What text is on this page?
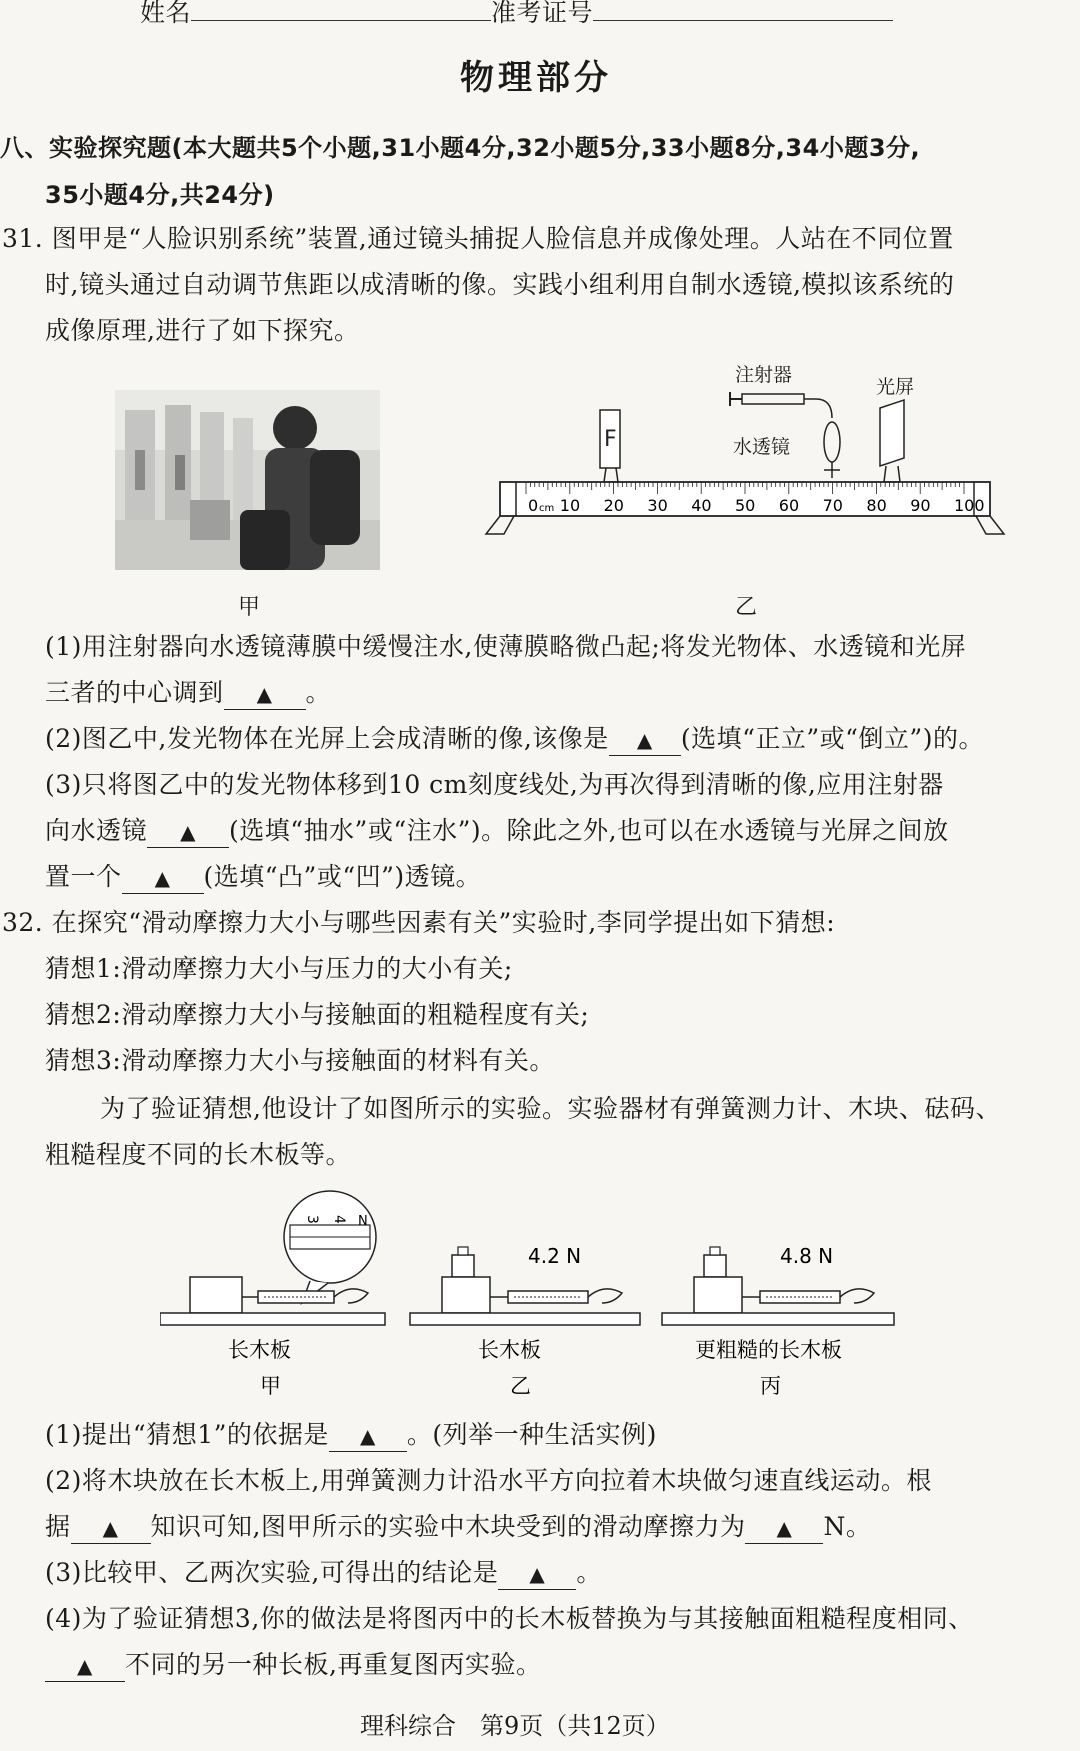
姓名	准考证号
物理部分
八、实验探究题(本大题共5个小题,31小题4分,32小题5分,33小题8分,34小题3分,
35小题4分,共24分)
31. 图甲是“人脸识别系统”装置,通过镜头捕捉人脸信息并成像处理。人站在不同位置
时,镜头通过自动调节焦距以成清晰的像。实践小组利用自制水透镜,模拟该系统的
成像原理,进行了如下探究。
甲
注射器
光屏
水透镜
F
0 10 20 30 40 50 60 70 80 90 100
cm
乙
(1)用注射器向水透镜薄膜中缓慢注水,使薄膜略微凸起;将发光物体、水透镜和光屏
三者的中心调到 ▲ 。
(2)图乙中,发光物体在光屏上会成清晰的像,该像是 ▲ (选填“正立”或“倒立”)的。
(3)只将图乙中的发光物体移到10 cm刻度线处,为再次得到清晰的像,应用注射器
向水透镜 ▲ (选填“抽水”或“注水”)。除此之外,也可以在水透镜与光屏之间放
置一个 ▲ (选填“凸”或“凹”)透镜。
32. 在探究“滑动摩擦力大小与哪些因素有关”实验时,李同学提出如下猜想:
猜想1:滑动摩擦力大小与压力的大小有关;
猜想2:滑动摩擦力大小与接触面的粗糙程度有关;
猜想3:滑动摩擦力大小与接触面的材料有关。
为了验证猜想,他设计了如图所示的实验。实验器材有弹簧测力计、木块、砝码、
粗糙程度不同的长木板等。
3 4 N
长木板
甲
4.2 N
长木板
乙
4.8 N
更粗糙的长木板
丙
(1)提出“猜想1”的依据是 ▲ 。(列举一种生活实例)
(2)将木块放在长木板上,用弹簧测力计沿水平方向拉着木块做匀速直线运动。根
据 ▲ 知识可知,图甲所示的实验中木块受到的滑动摩擦力为 ▲ N。
(3)比较甲、乙两次实验,可得出的结论是 ▲ 。
(4)为了验证猜想3,你的做法是将图丙中的长木板替换为与其接触面粗糙程度相同、
▲ 不同的另一种长板,再重复图丙实验。
理科综合　第9页（共12页）
